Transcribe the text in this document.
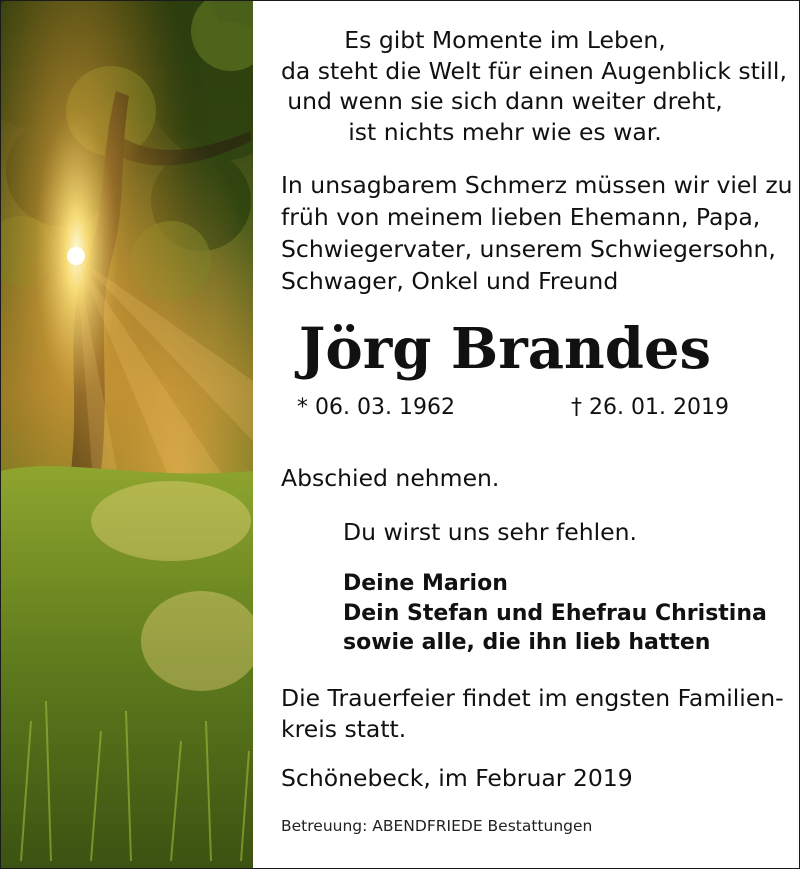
Es gibt Momente im Leben,
da steht die Welt für einen Augenblick still,
und wenn sie sich dann weiter dreht,
ist nichts mehr wie es war.
In unsagbarem Schmerz müssen wir viel zu
früh von meinem lieben Ehemann, Papa,
Schwiegervater, unserem Schwiegersohn,
Schwager, Onkel und Freund
Jörg Brandes
* 06. 03. 1962	† 26. 01. 2019
Abschied nehmen.
Du wirst uns sehr fehlen.
Deine Marion
Dein Stefan und Ehefrau Christina
sowie alle, die ihn lieb hatten
Die Trauerfeier findet im engsten Familien-
kreis statt.
Schönebeck, im Februar 2019
Betreuung: ABENDFRIEDE Bestattungen
